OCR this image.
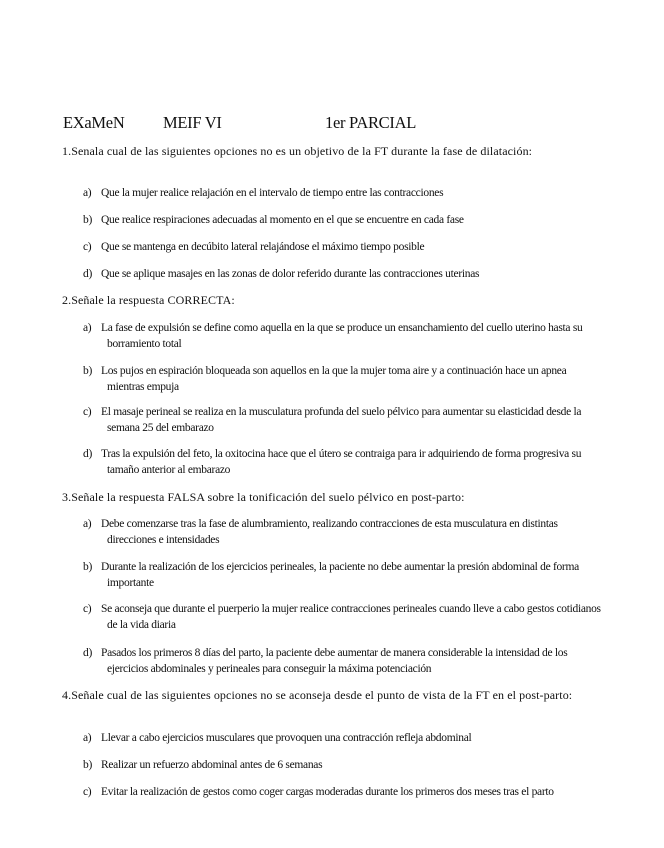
EXaMeN MEIF VI	1er PARCIAL
1.Senala cual de las siguientes opciones no es un objetivo de la FT durante la fase de dilatación:
a) Que la mujer realice relajación en el intervalo de tiempo entre las contracciones
b) Que realice respiraciones adecuadas al momento en el que se encuentre en cada fase
c) Que se mantenga en decúbito lateral relajándose el máximo tiempo posible
d) Que se aplique masajes en las zonas de dolor referido durante las contracciones uterinas
2.Señale la respuesta CORRECTA:
a) La fase de expulsión se define como aquella en la que se produce un ensanchamiento del cuello uterino hasta su borramiento total
b) Los pujos en espiración bloqueada son aquellos en la que la mujer toma aire y a continuación hace un apnea mientras empuja
c) El masaje perineal se realiza en la musculatura profunda del suelo pélvico para aumentar su elasticidad desde la semana 25 del embarazo
d) Tras la expulsión del feto, la oxitocina hace que el útero se contraiga para ir adquiriendo de forma progresiva su tamaño anterior al embarazo
3.Señale la respuesta FALSA sobre la tonificación del suelo pélvico en post-parto:
a) Debe comenzarse tras la fase de alumbramiento, realizando contracciones de esta musculatura en distintas direcciones e intensidades
b) Durante la realización de los ejercicios perineales, la paciente no debe aumentar la presión abdominal de forma importante
c) Se aconseja que durante el puerperio la mujer realice contracciones perineales cuando lleve a cabo gestos cotidianos de la vida diaria
d) Pasados los primeros 8 días del parto, la paciente debe aumentar de manera considerable la intensidad de los ejercicios abdominales y perineales para conseguir la máxima potenciación
4.Señale cual de las siguientes opciones no se aconseja desde el punto de vista de la FT en el post-parto:
a) Llevar a cabo ejercicios musculares que provoquen una contracción refleja abdominal
b) Realizar un refuerzo abdominal antes de 6 semanas
c) Evitar la realización de gestos como coger cargas moderadas durante los primeros dos meses tras el parto
